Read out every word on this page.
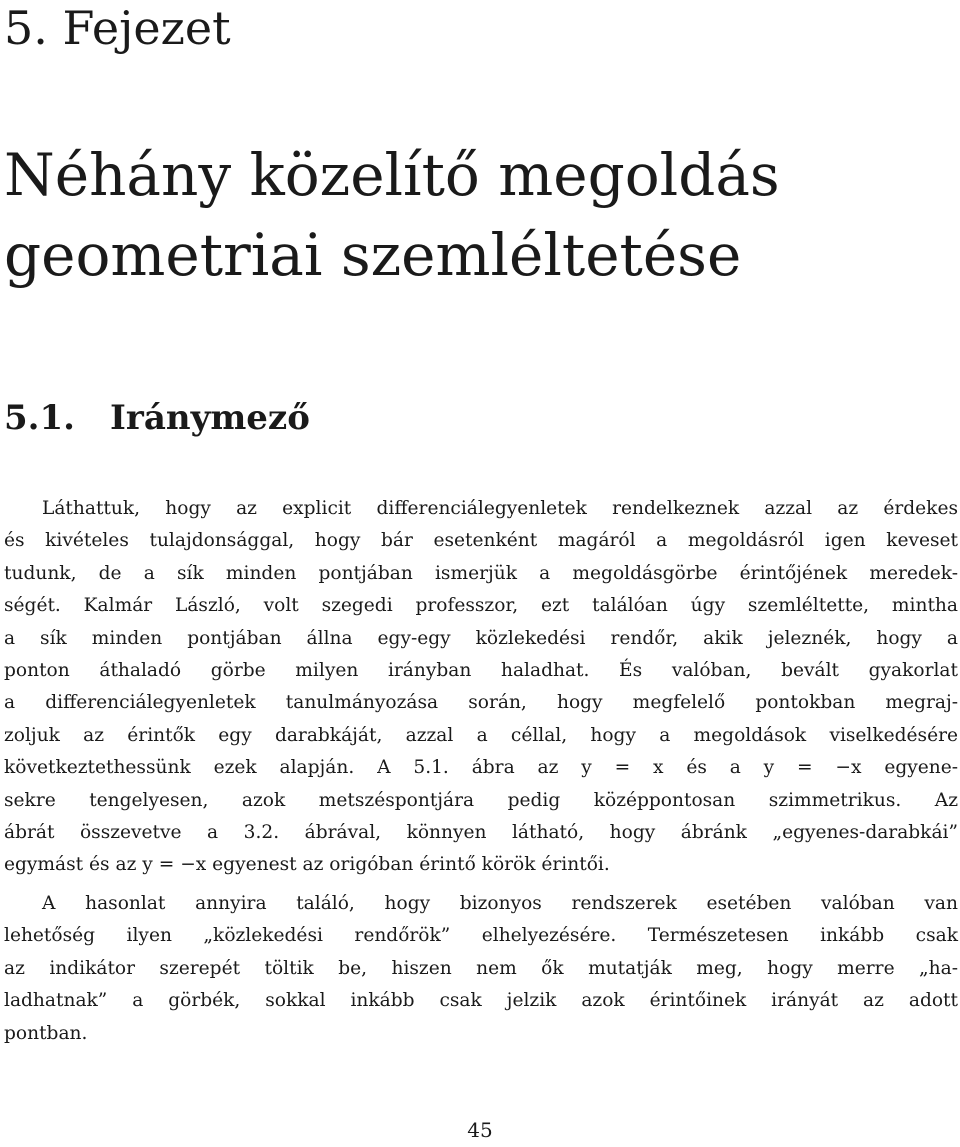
5. Fejezet
Néhány közelítő megoldás
geometriai szemléltetése
5.1. Iránymező
Láthattuk, hogy az explicit differenciálegyenletek rendelkeznek azzal az érdekes
és kivételes tulajdonsággal, hogy bár esetenként magáról a megoldásról igen keveset
tudunk, de a sík minden pontjában ismerjük a megoldásgörbe érintőjének meredek-
ségét. Kalmár László, volt szegedi professzor, ezt találóan úgy szemléltette, mintha
a sík minden pontjában állna egy-egy közlekedési rendőr, akik jeleznék, hogy a
ponton áthaladó görbe milyen irányban haladhat. És valóban, bevált gyakorlat
a differenciálegyenletek tanulmányozása során, hogy megfelelő pontokban megraj-
zoljuk az érintők egy darabkáját, azzal a céllal, hogy a megoldások viselkedésére
következtethessünk ezek alapján. A 5.1. ábra az y = x és a y = −x egyene-
sekre tengelyesen, azok metszéspontjára pedig középpontosan szimmetrikus. Az
ábrát összevetve a 3.2. ábrával, könnyen látható, hogy ábránk „egyenes-darabkái”
egymást és az y = −x egyenest az origóban érintő körök érintői.
A hasonlat annyira találó, hogy bizonyos rendszerek esetében valóban van
lehetőség ilyen „közlekedési rendőrök” elhelyezésére. Természetesen inkább csak
az indikátor szerepét töltik be, hiszen nem ők mutatják meg, hogy merre „ha-
ladhatnak” a görbék, sokkal inkább csak jelzik azok érintőinek irányát az adott
pontban.
45
